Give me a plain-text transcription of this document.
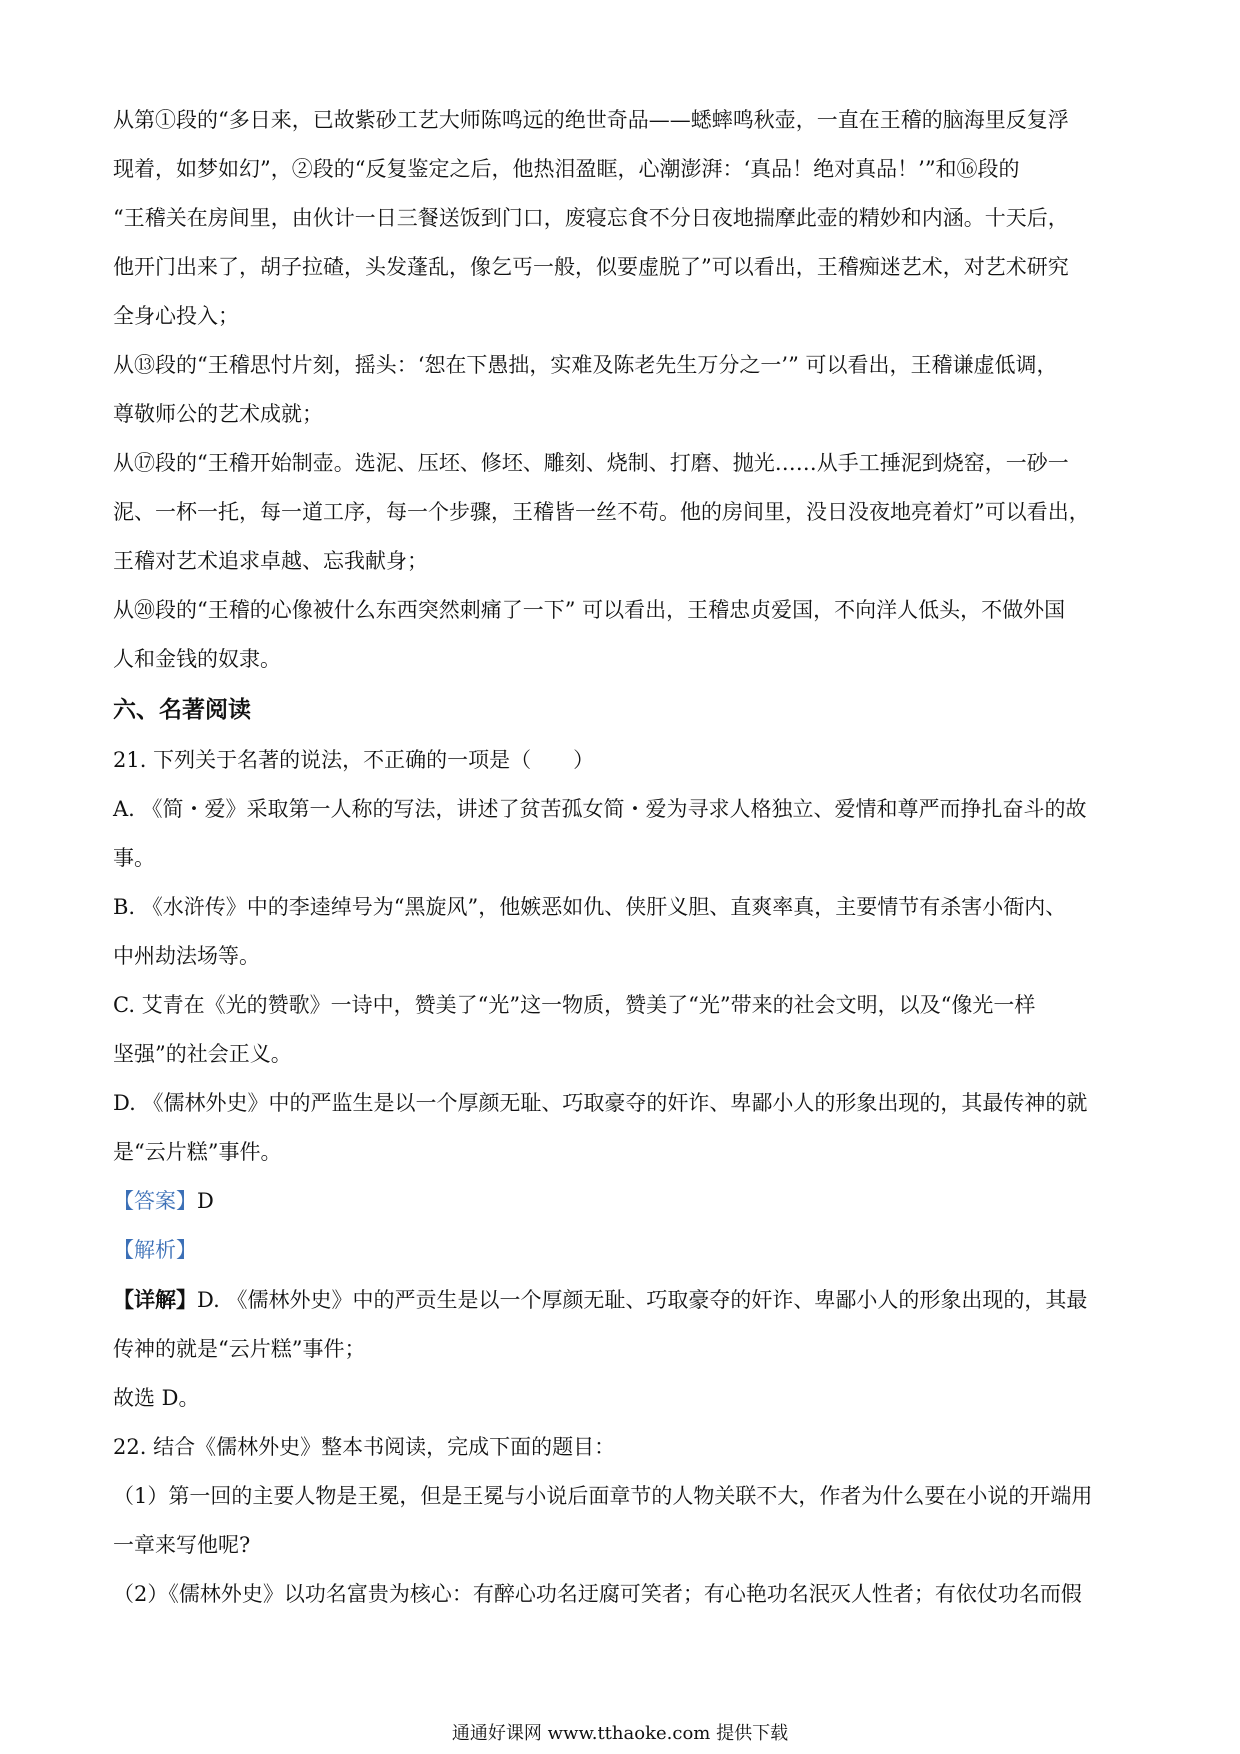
从第①段的“多日来，已故紫砂工艺大师陈鸣远的绝世奇品——蟋蟀鸣秋壶，一直在王稽的脑海里反复浮

现着，如梦如幻”，②段的“反复鉴定之后，他热泪盈眶，心潮澎湃：‘真品！绝对真品！’”和⑯段的

“王稽关在房间里，由伙计一日三餐送饭到门口，废寝忘食不分日夜地揣摩此壶的精妙和内涵。十天后，

他开门出来了，胡子拉碴，头发蓬乱，像乞丐一般，似要虚脱了”可以看出，王稽痴迷艺术，对艺术研究

全身心投入；

从⑬段的“王稽思忖片刻，摇头：‘恕在下愚拙，实难及陈老先生万分之一’” 可以看出，王稽谦虚低调，

尊敬师公的艺术成就；

从⑰段的“王稽开始制壶。选泥、压坯、修坯、雕刻、烧制、打磨、抛光……从手工捶泥到烧窑，一砂一

泥、一杯一托，每一道工序，每一个步骤，王稽皆一丝不苟。他的房间里，没日没夜地亮着灯”可以看出，

王稽对艺术追求卓越、忘我献身；

从⑳段的“王稽的心像被什么东西突然刺痛了一下” 可以看出，王稽忠贞爱国，不向洋人低头，不做外国

人和金钱的奴隶。

六、名著阅读

21. 下列关于名著的说法，不正确的一项是（　　）

A. 《简・爱》采取第一人称的写法，讲述了贫苦孤女简・爱为寻求人格独立、爱情和尊严而挣扎奋斗的故

事。

B. 《水浒传》中的李逵绰号为“黑旋风”，他嫉恶如仇、侠肝义胆、直爽率真，主要情节有杀害小衙内、

中州劫法场等。

C. 艾青在《光的赞歌》一诗中，赞美了“光”这一物质，赞美了“光”带来的社会文明，以及“像光一样

坚强”的社会正义。

D. 《儒林外史》中的严监生是以一个厚颜无耻、巧取豪夺的奸诈、卑鄙小人的形象出现的，其最传神的就

是“云片糕”事件。

【答案】D

【解析】

【详解】D. 《儒林外史》中的严贡生是以一个厚颜无耻、巧取豪夺的奸诈、卑鄙小人的形象出现的，其最

传神的就是“云片糕”事件；

故选 D。

22. 结合《儒林外史》整本书阅读，完成下面的题目：

（1）第一回的主要人物是王冕，但是王冕与小说后面章节的人物关联不大，作者为什么要在小说的开端用

一章来写他呢?

（2）《儒林外史》以功名富贵为核心：有醉心功名迂腐可笑者；有心艳功名泯灭人性者；有依仗功名而假

通通好课网 www.tthaoke.com 提供下载
